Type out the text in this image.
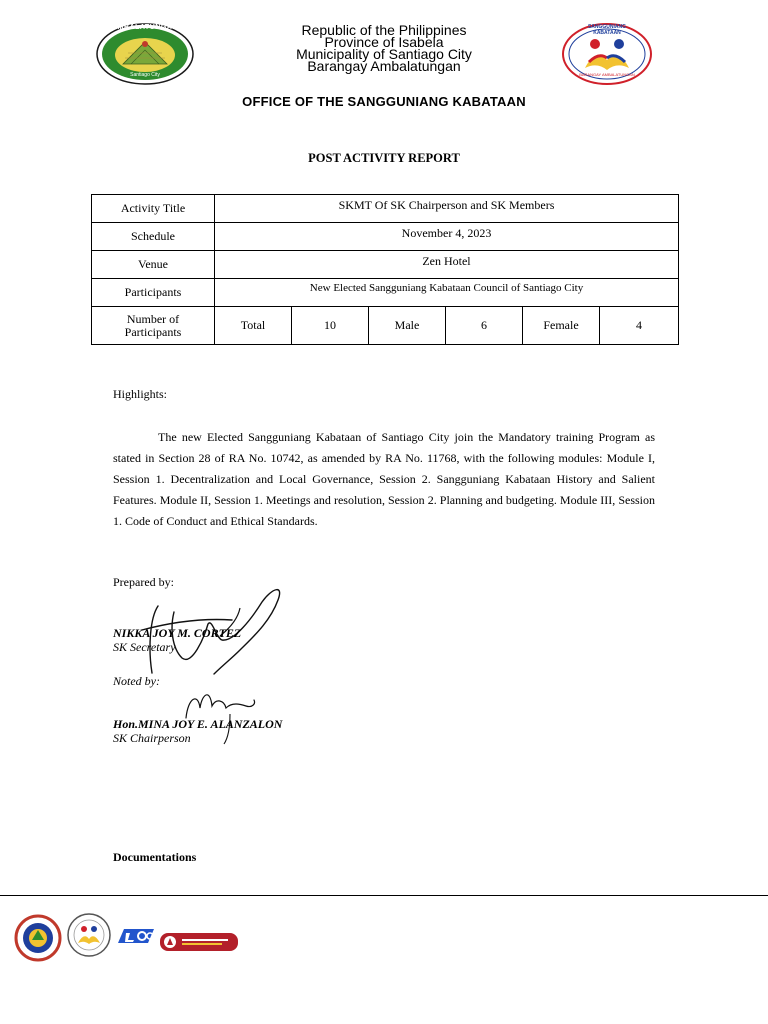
AMBALATUNGAN
Santiago City
Republic of the Philippines
Province of Isabela
Municipality of Santiago City
Barangay Ambalatungan
SANGGUNIANG KABATAAN
BARANGAY AMBALATUNGAN
OFFICE OF THE SANGGUNIANG KABATAAN
POST ACTIVITY REPORT
Activity Title	SKMT Of SK Chairperson and SK Members					
Schedule	November 4, 2023					
Venue	Zen Hotel					
Participants	New Elected Sangguniang Kabataan Council of Santiago City					

Number of
Participants	Total	10	Male	6	Female	4
Highlights:
The new Elected Sangguniang Kabataan of Santiago City join the Mandatory training Program as stated in Section 28 of RA No. 10742, as amended by RA No. 11768, with the following modules: Module I, Session 1. Decentralization and Local Governance, Session 2. Sangguniang Kabataan History and Salient Features. Module II, Session 1. Meetings and resolution, Session 2. Planning and budgeting. Module III, Session 1. Code of Conduct and Ethical Standards.
Prepared by:
NIKKA JOY M. CORTEZ
SK Secretary
Noted by:
Hon.MINA JOY E. ALANZALON
SK Chairperson
Documentations
